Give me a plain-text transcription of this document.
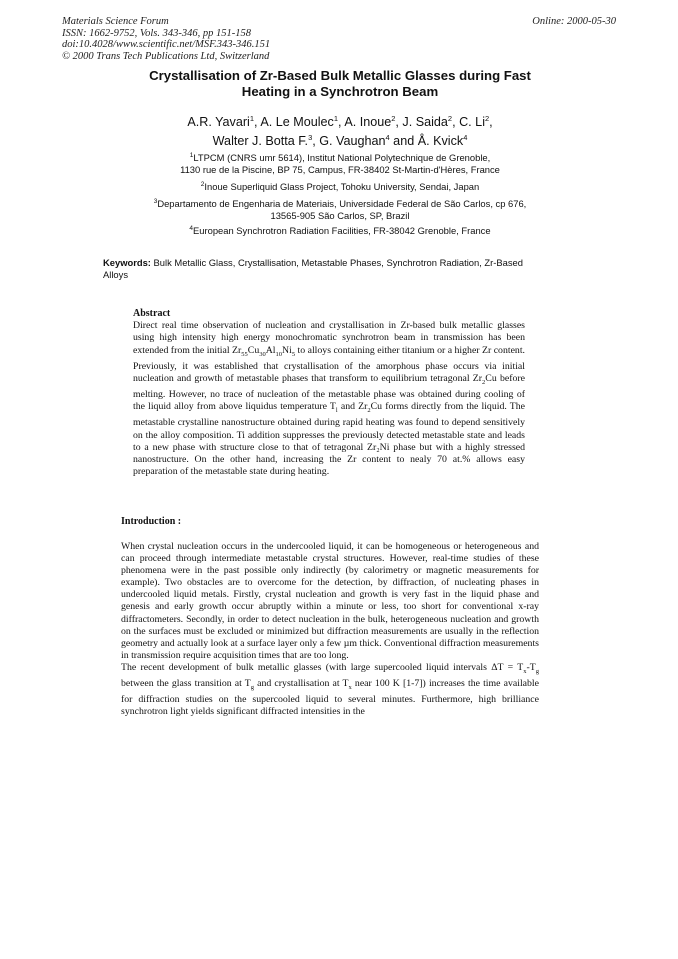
Materials Science Forum
ISSN: 1662-9752, Vols. 343-346, pp 151-158
doi:10.4028/www.scientific.net/MSF.343-346.151
© 2000 Trans Tech Publications Ltd, Switzerland
Online: 2000-05-30
Crystallisation of Zr-Based Bulk Metallic Glasses during Fast
Heating in a Synchrotron Beam
A.R. Yavari$^1$, A. Le Moulec$^1$, A. Inoue$^2$, J. Saida$^2$, C. Li$^2$,
Walter J. Botta F.$^3$, G. Vaughan$^4$ and Å. Kvick$^4$
$^1$LTPCM (CNRS umr 5614), Institut National Polytechnique de Grenoble,
1130 rue de la Piscine, BP 75, Campus, FR-38402 St-Martin-d'Hères, France
$^2$Inoue Superliquid Glass Project, Tohoku University, Sendai, Japan
$^3$Departamento de Engenharia de Materiais, Universidade Federal de São Carlos, cp 676,
13565-905 São Carlos, SP, Brazil
$^4$European Synchrotron Radiation Facilities, FR-38042 Grenoble, France
Keywords: Bulk Metallic Glass, Crystallisation, Metastable Phases, Synchrotron Radiation, Zr-Based Alloys
Abstract
Direct real time observation of nucleation and crystallisation in Zr-based bulk metallic glasses using high intensity high energy monochromatic synchrotron beam in transmission has been extended from the initial $Zr_{55}Cu_{30}Al_{10}Ni_5$ to alloys containing either titanium or a higher Zr content. Previously, it was established that crystallisation of the amorphous phase occurs via initial nucleation and growth of metastable phases that transform to equilibrium tetragonal $Zr_2Cu$ before melting. However, no trace of nucleation of the metastable phase was obtained during cooling of the liquid alloy from above liquidus temperature $T_l$ and $Zr_2Cu$ forms directly from the liquid. The metastable crystalline nanostructure obtained during rapid heating was found to depend sensitively on the alloy composition. Ti addition suppresses the previously detected metastable state and leads to a new phase with structure close to that of tetragonal Zr₂Ni phase but with a highly stressed nanostructure. On the other hand, increasing the Zr content to nealy 70 at.% allows easy preparation of the metastable state during heating.
Introduction :

When crystal nucleation occurs in the undercooled liquid, it can be homogeneous or heterogeneous and can proceed through intermediate metastable crystal structures. However, real-time studies of these phenomena were in the past possible only indirectly (by calorimetry or magnetic measurements for example). Two obstacles are to overcome for the detection, by diffraction, of nucleating phases in undercooled liquid metals. Firstly, crystal nucleation and growth is very fast in the liquid phase and genesis and early growth occur abruptly within a minute or less, too short for conventional x-ray diffractometers. Secondly, in order to detect nucleation in the bulk, heterogeneous nucleation and growth on the surfaces must be excluded or minimized but diffraction measurements are usually in the reflection geometry and actually look at a surface layer only a few µm thick. Conventional diffraction measurements in transmission require acquisition times that are too long.

The recent development of bulk metallic glasses (with large supercooled liquid intervals $\Delta T = T_x-T_g$ between the glass transition at $T_g$ and crystallisation at $T_x$ near 100 K [1-7]) increases the time available for diffraction studies on the supercooled liquid to several minutes. Furthermore, high brilliance synchrotron light yields significant diffracted intensities in the
